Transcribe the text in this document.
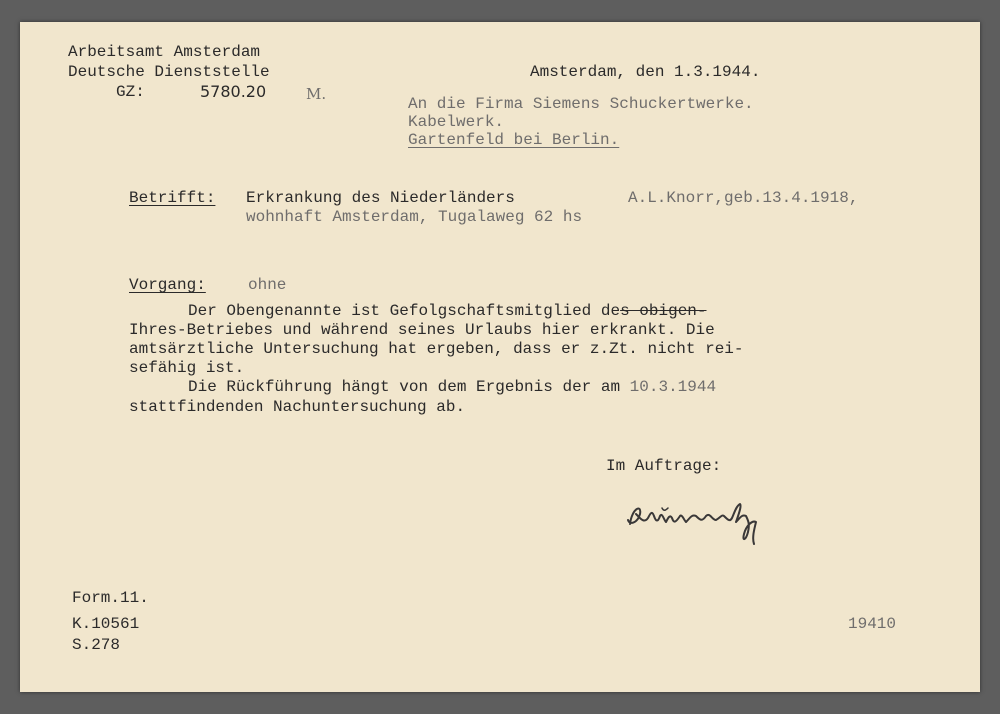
Arbeitsamt Amsterdam
Deutsche Dienststelle
GZ:	5780.20	M.
Amsterdam, den 1.3.1944.
An die Firma Siemens Schuckertwerke.
Kabelwerk.
Gartenfeld bei Berlin.
Betrifft: Erkrankung des Niederländers	A.L.Knorr,geb.13.4.1918,
wohnhaft Amsterdam, Tugalaweg 62 hs
Vorgang:	ohne
Der Obengenannte ist Gefolgschaftsmitglied des obigen-
Ihres-Betriebes und während seines Urlaubs hier erkrankt. Die
amtsärztliche Untersuchung hat ergeben, dass er z.Zt. nicht rei-
sefähig ist.
Die Rückführung hängt von dem Ergebnis der am 10.3.1944
stattfindenden Nachuntersuchung ab.
Im Auftrage:
Form.11.
K.10561
S.278
19410
